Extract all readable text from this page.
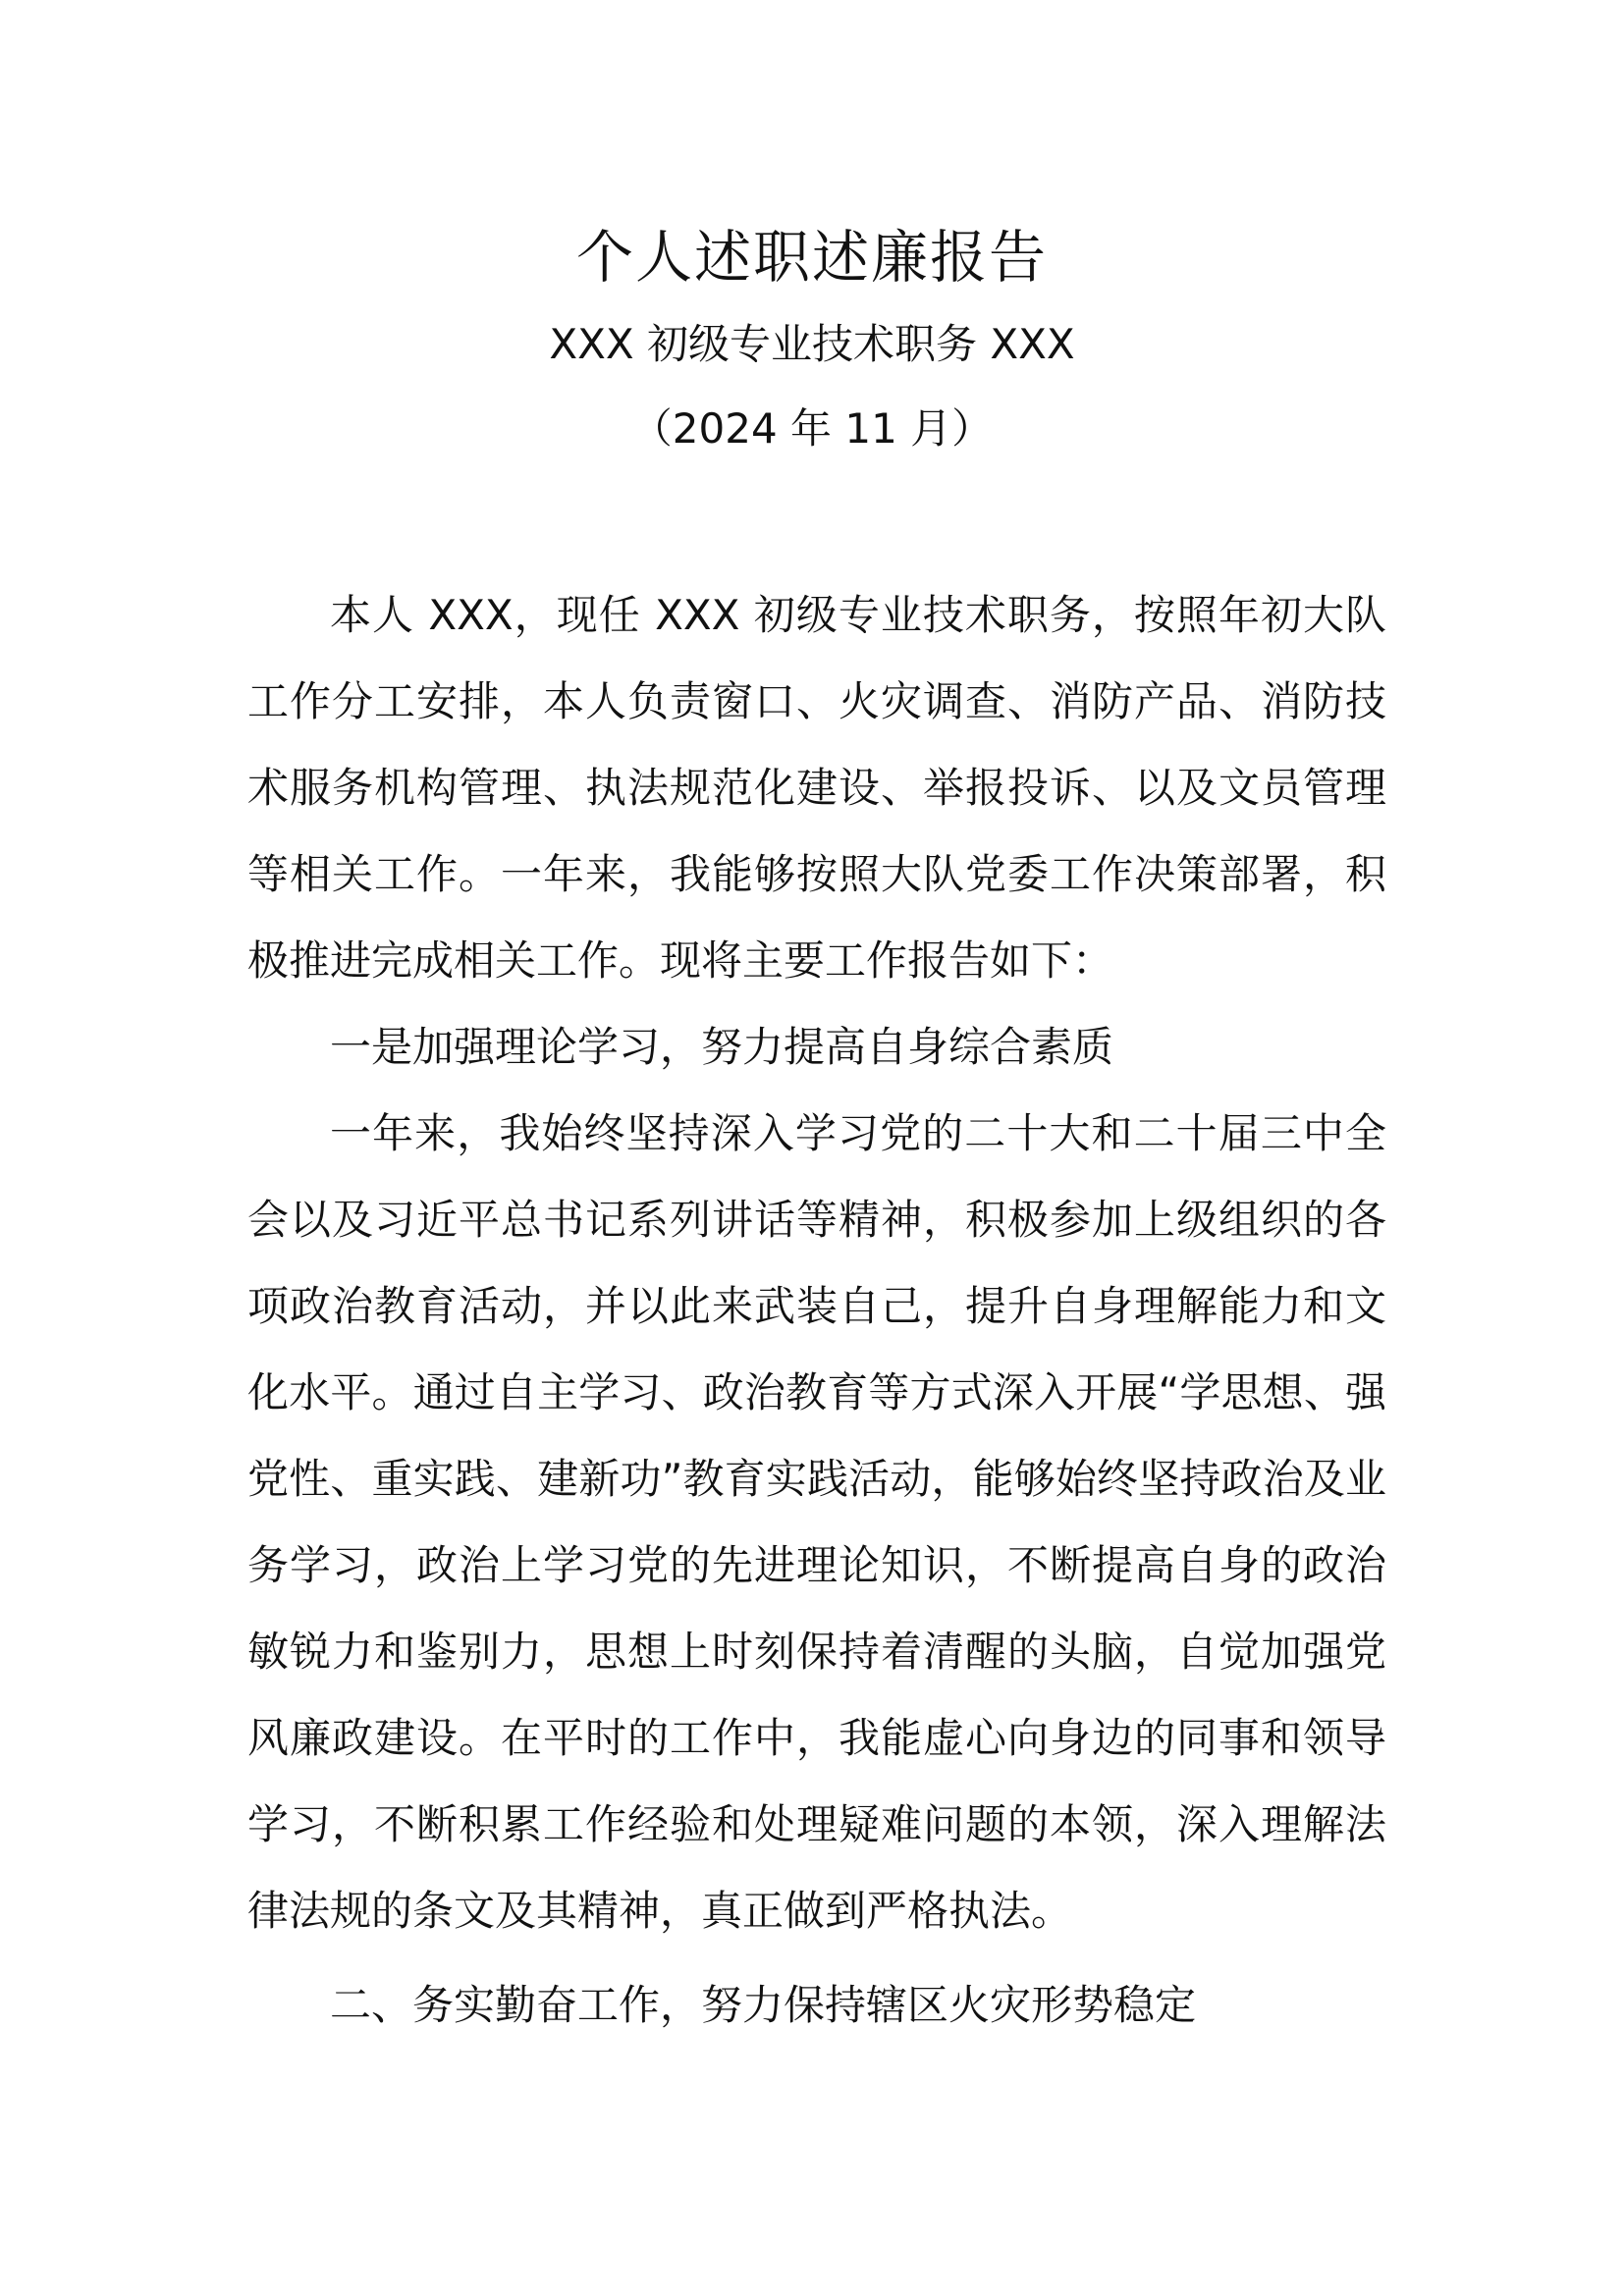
个人述职述廉报告
XXX 初级专业技术职务 XXX
（2024 年 11 月）

本人 XXX，现任 XXX 初级专业技术职务，按照年初大队工作分工安排，本人负责窗口、火灾调查、消防产品、消防技术服务机构管理、执法规范化建设、举报投诉、以及文员管理等相关工作。一年来，我能够按照大队党委工作决策部署，积极推进完成相关工作。现将主要工作报告如下：

一是加强理论学习，努力提高自身综合素质

一年来，我始终坚持深入学习党的二十大和二十届三中全会以及习近平总书记系列讲话等精神，积极参加上级组织的各项政治教育活动，并以此来武装自己，提升自身理解能力和文化水平。通过自主学习、政治教育等方式深入开展“学思想、强党性、重实践、建新功”教育实践活动，能够始终坚持政治及业务学习，政治上学习党的先进理论知识，不断提高自身的政治敏锐力和鉴别力，思想上时刻保持着清醒的头脑，自觉加强党风廉政建设。在平时的工作中，我能虚心向身边的同事和领导学习，不断积累工作经验和处理疑难问题的本领，深入理解法律法规的条文及其精神，真正做到严格执法。

二、务实勤奋工作，努力保持辖区火灾形势稳定
